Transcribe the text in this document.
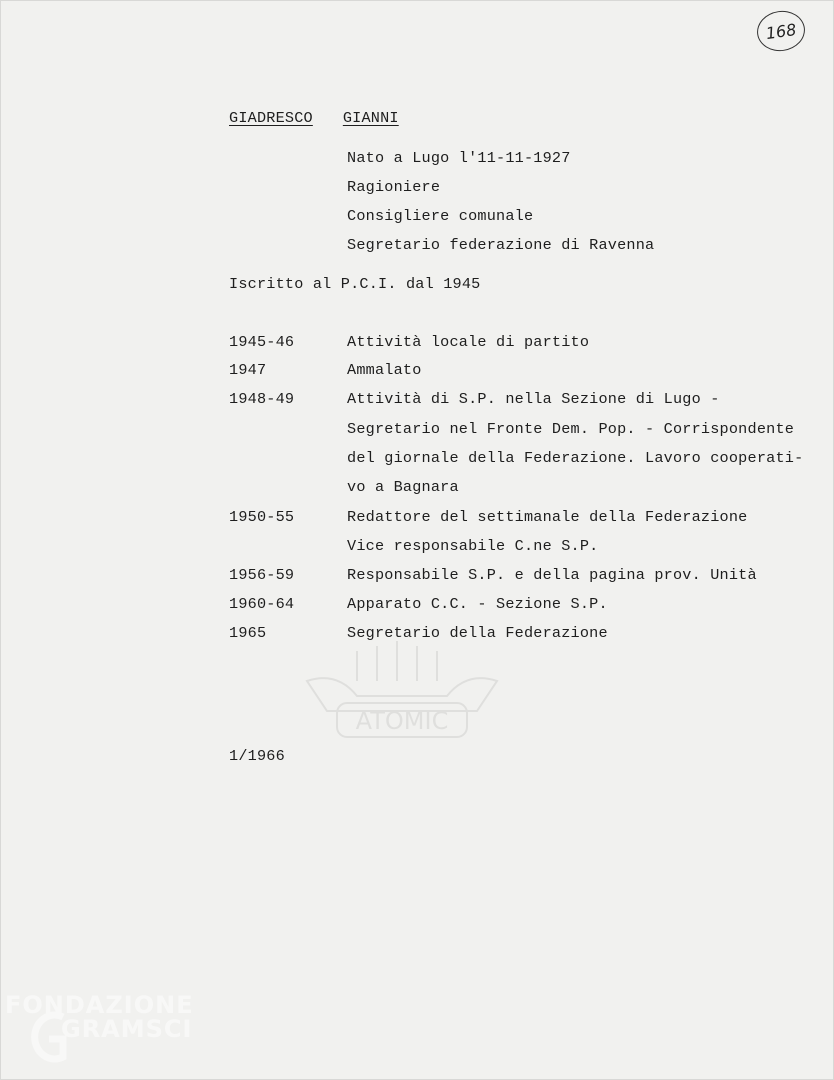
168
GIADRESCO GIANNI
Nato a Lugo l'11-11-1927
Ragioniere
Consigliere comunale
Segretario federazione di Ravenna
Iscritto al P.C.I. dal 1945
1945-46	Attività locale di partito
1947	Ammalato
1948-49	Attività di S.P. nella Sezione di Lugo -
Segretario nel Fronte Dem. Pop. - Corrispondente
del giornale della Federazione. Lavoro cooperati-
vo a Bagnara
1950-55	Redattore del settimanale della Federazione
Vice responsabile C.ne S.P.
1956-59	Responsabile S.P. e della pagina prov. Unità
1960-64	Apparato C.C. - Sezione S.P.
1965	Segretario della Federazione
1/1966
ATOMIC
FONDAZIONE
GRAMSCI
